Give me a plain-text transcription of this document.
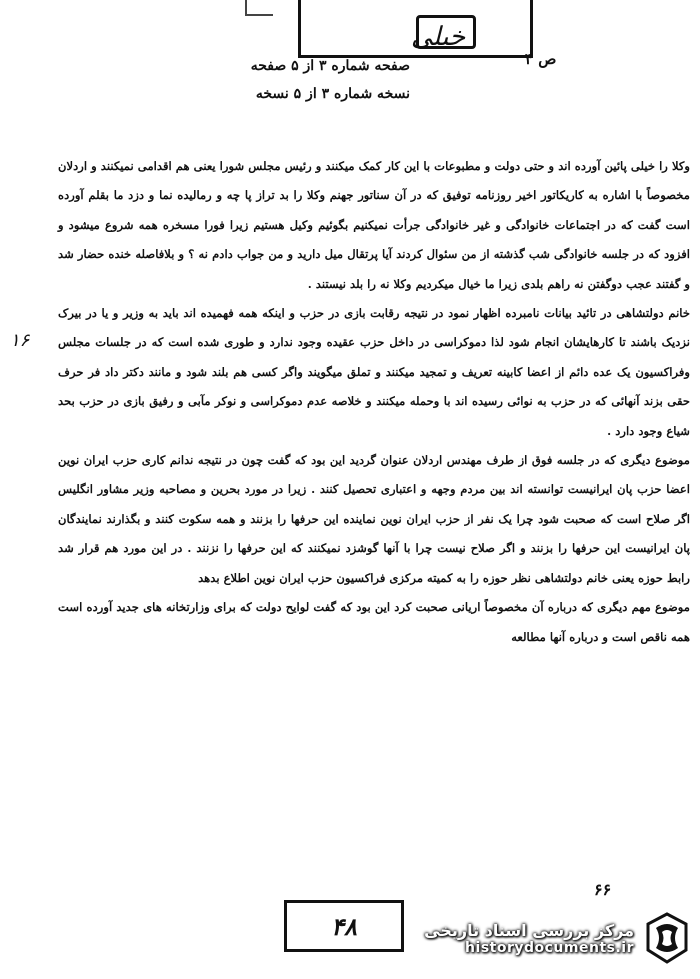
خیلی
ص ۳
صفحه شماره ۳ از ۵ صفحه
نسخه شماره ۳ از ۵ نسخه
۱۶

وکلا را خیلی پائین آورده اند و حتی دولت و مطبوعات با این کار کمک میکنند و رئیس مجلس شورا یعنی هم اقدامی نمیکنند و اردلان مخصوصاً با اشاره به کاریکاتور اخیر روزنامه توفیق که در آن سناتور جهنم وکلا را بد تراز پا چه و رمالیده نما و دزد ما بقلم آورده است گفت که در اجتماعات خانوادگی و غیر خانوادگی جرأت نمیکنیم بگوئیم وکیل هستیم زیرا فورا مسخره همه شروع میشود و افزود که در جلسه خانوادگی شب گذشته از من سئوال کردند آیا پرتقال میل دارید و من جواب دادم نه ؟ و بلافاصله خنده حضار شد و گفتند عجب دوگفتن نه راهم بلدی زیرا ما خیال میکردیم وکلا نه را بلد نیستند .

خانم دولتشاهی در تائید بیانات نامبرده اظهار نمود در نتیجه رقابت بازی در حزب و اینکه همه فهمیده اند باید به وزیر و یا در بیرک نزدیک باشند تا کارهایشان انجام شود لذا دموکراسی در داخل حزب عقیده وجود ندارد و طوری شده است که در جلسات مجلس وفراکسیون یک عده دائم از اعضا کابینه تعریف و تمجید میکنند و تملق میگویند واگر کسی هم بلند شود و مانند دکتر داد فر حرف حقی بزند آنهائی که در حزب به نوائی رسیده اند با وحمله میکنند و خلاصه عدم دموکراسی و نوکر مآبی و رفیق بازی در حزب بحد شیاع وجود دارد .

موضوع دیگری که در جلسه فوق از طرف مهندس اردلان عنوان گردید این بود که گفت چون در نتیجه ندانم کاری حزب ایران نوین اعضا حزب پان ایرانیست توانسته اند بین مردم وجهه و اعتباری تحصیل کنند . زیرا در مورد بحرین و مصاحبه وزیر مشاور انگلیس اگر صلاح است که صحبت شود چرا یک نفر از حزب ایران نوین نماینده این حرفها را بزنند و همه سکوت کنند و بگذارند نمایندگان پان ایرانیست این حرفها را بزنند و اگر صلاح نیست چرا با آنها گوشزد نمیکنند که این حرفها را نزنند . در این مورد هم قرار شد رابط حوزه یعنی خانم دولتشاهی نظر حوزه را به کمیته مرکزی فراکسیون حزب ایران نوین اطلاع بدهد

موضوع مهم دیگری که درباره آن مخصوصاً اریانی صحبت کرد این بود که گفت لوایح دولت که برای وزارتخانه های جدید آورده است همه ناقص است و درباره آنها مطالعه

۶۶
۴۸	مرکز بررسی اسناد تاریخی
historydocuments.ir
